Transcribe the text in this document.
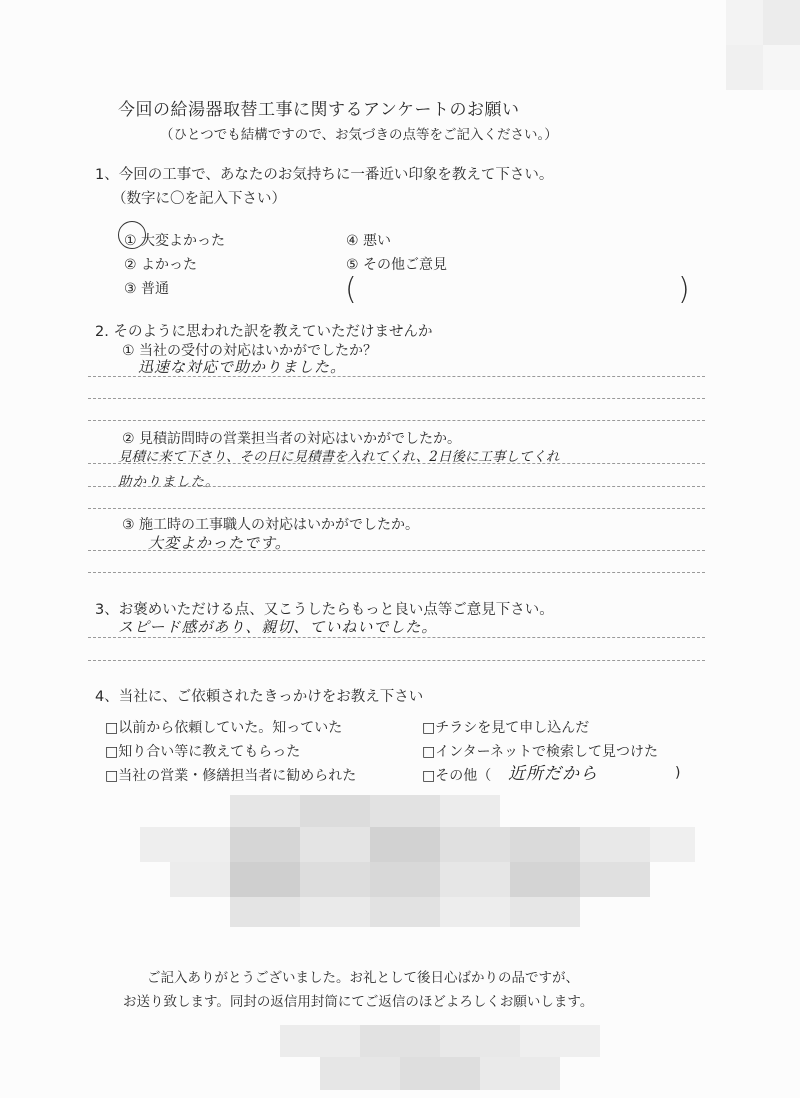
今回の給湯器取替工事に関するアンケートのお願い
（ひとつでも結構ですので、お気づきの点等をご記入ください。）
1、今回の工事で、あなたのお気持ちに一番近い印象を教えて下さい。
（数字に〇を記入下さい）
① 大変よかった
② よかった
③ 普通
④ 悪い
⑤ その他ご意見
(	)
2. そのように思われた訳を教えていただけませんか
① 当社の受付の対応はいかがでしたか？
迅速な対応で助かりました。
② 見積訪問時の営業担当者の対応はいかがでしたか。
見積に来て下さり、その日に見積書を入れてくれ、2日後に工事してくれ
助かりました。
③ 施工時の工事職人の対応はいかがでしたか。
大変よかったです。
3、お褒めいただける点、又こうしたらもっと良い点等ご意見下さい。
スピード感があり、親切、ていねいでした。
4、当社に、ご依頼されたきっかけをお教え下さい
□以前から依頼していた。知っていた
□知り合い等に教えてもらった
□当社の営業・修繕担当者に勧められた
□チラシを見て申し込んだ
□インターネットで検索して見つけた
□その他（ 近所だから	)
ご記入ありがとうございました。お礼として後日心ばかりの品ですが、
お送り致します。同封の返信用封筒にてご返信のほどよろしくお願いします。
